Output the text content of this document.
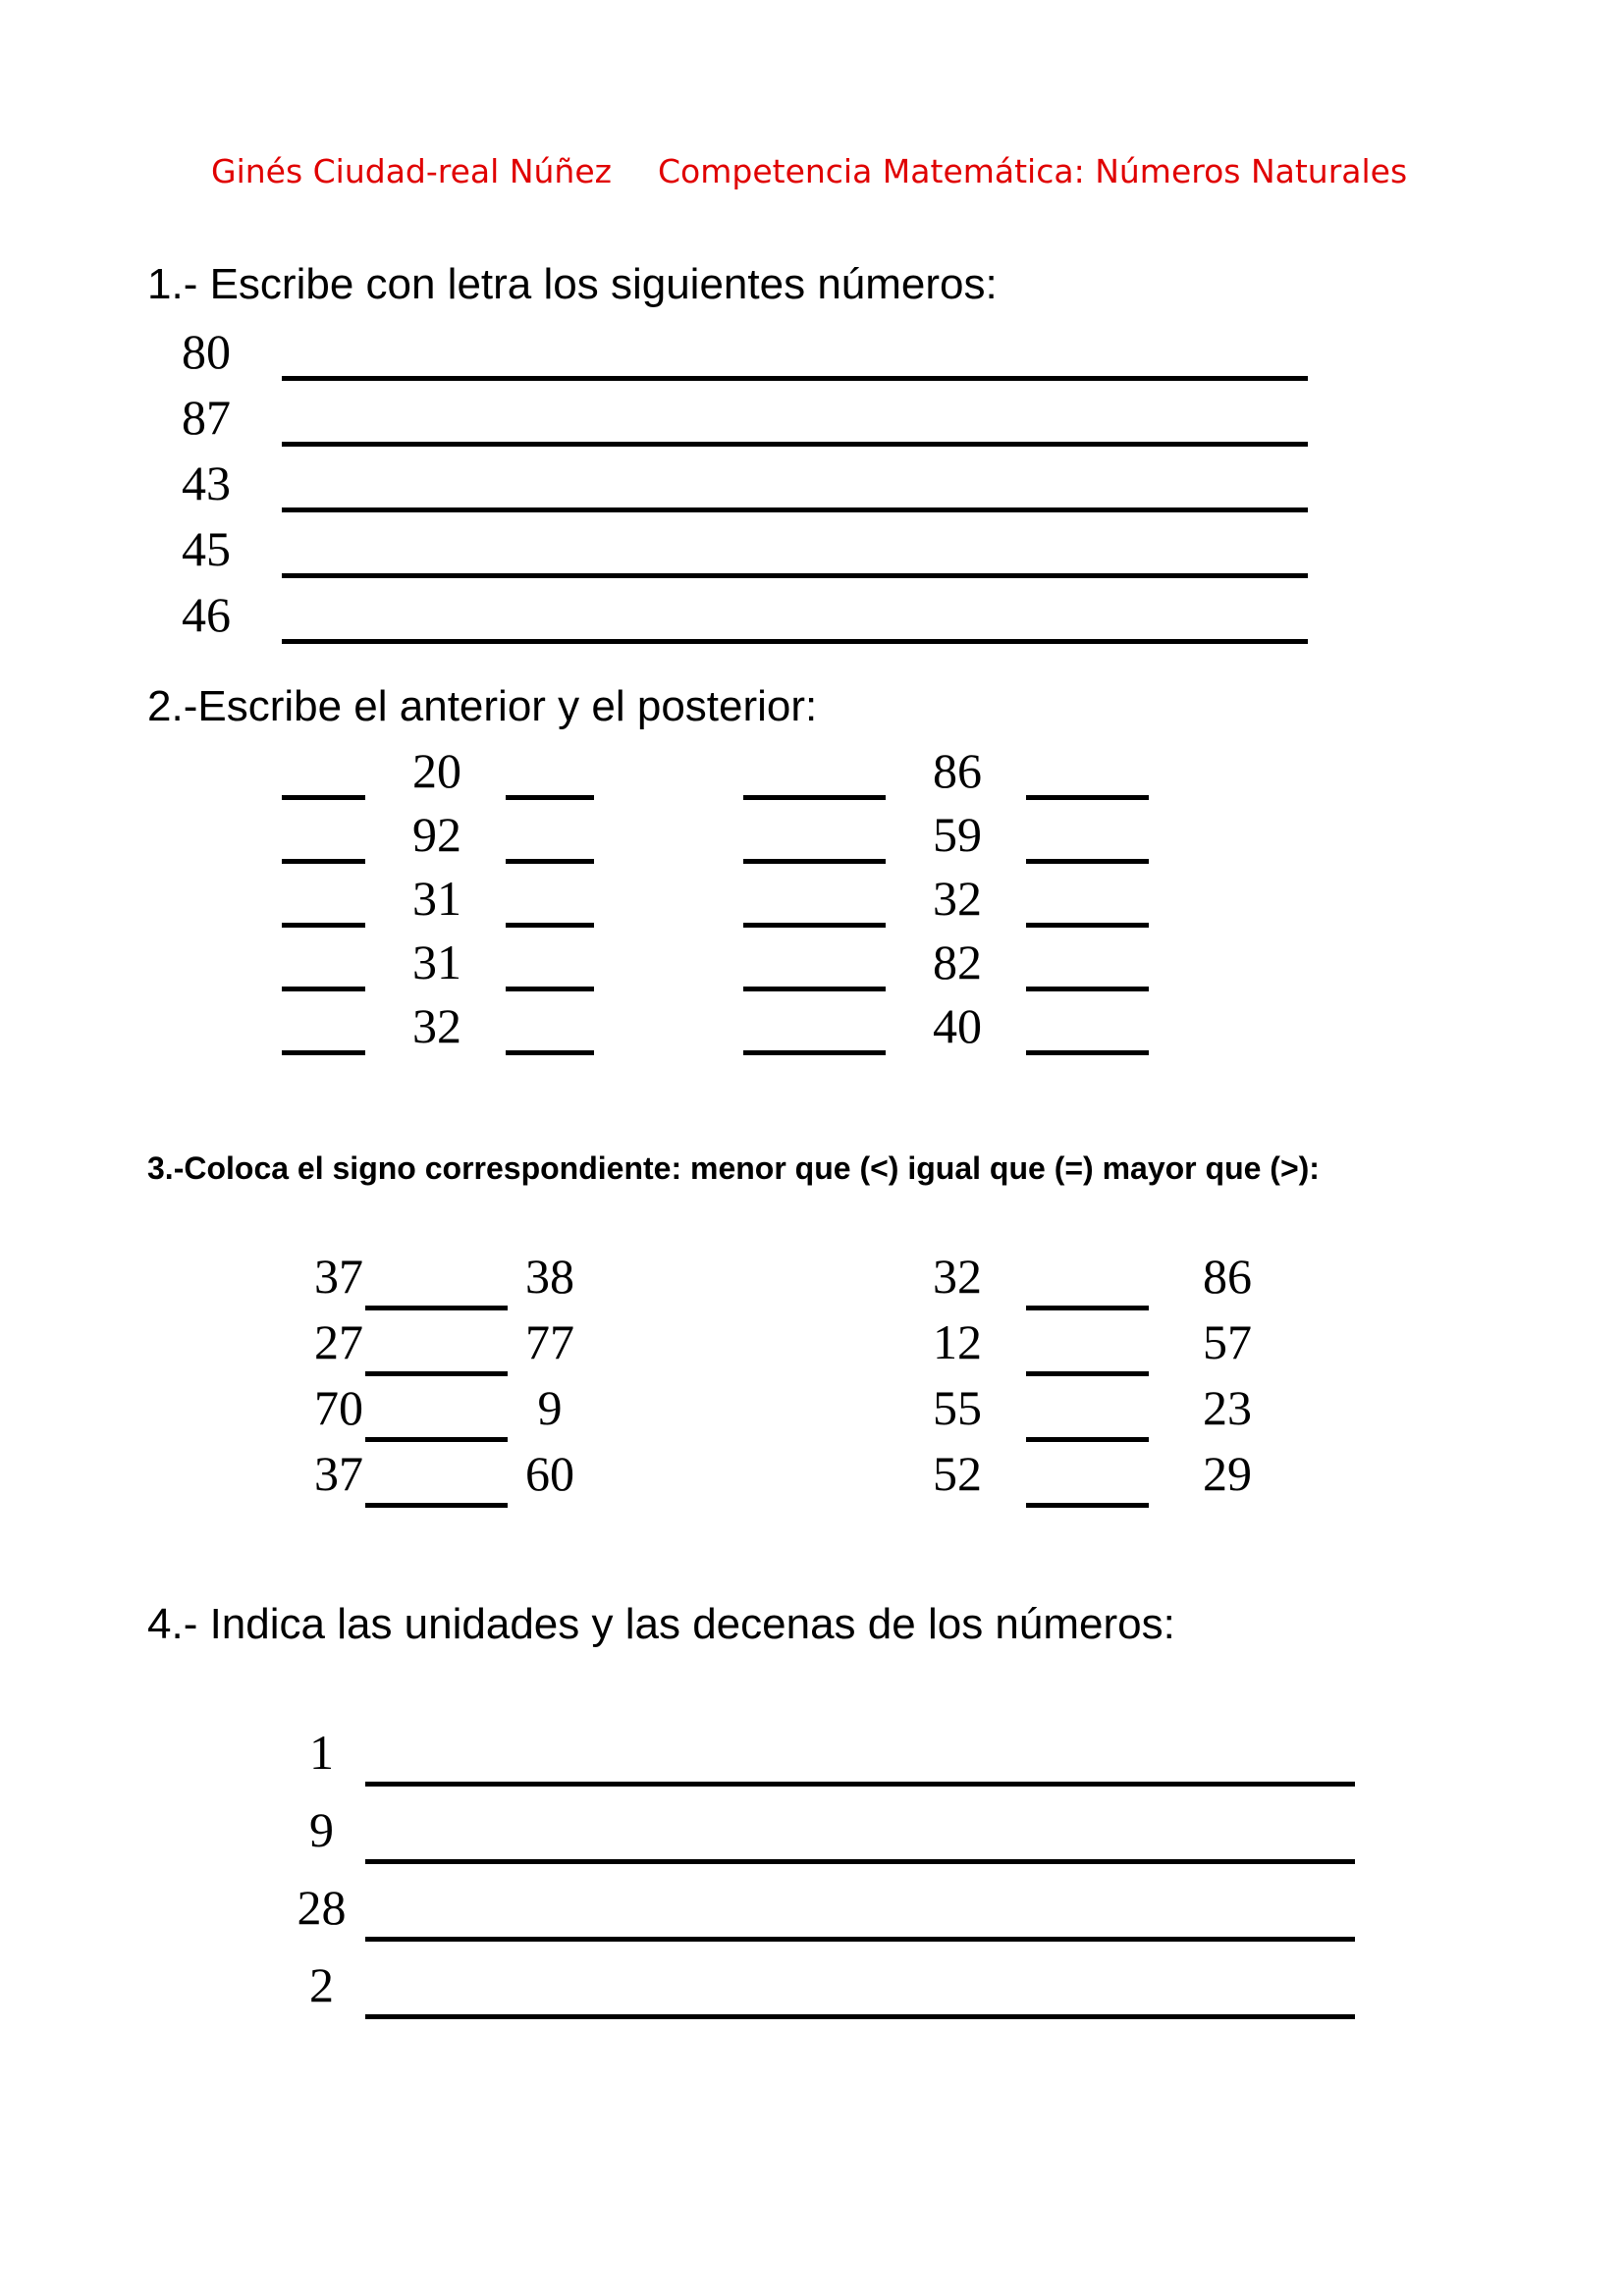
Ginés Ciudad-real Núñez Competencia Matemática: Números Naturales
1.- Escribe con letra los siguientes números:
80
87
43
45
46
2.-Escribe el anterior y el posterior:
20	86
92	59
31	32
31	82
32	40
3.-Coloca el signo correspondiente: menor que (<) igual que (=) mayor que (>):
37	38	32	86
27	77	12	57
70	9	55	23
37	60	52	29
4.- Indica las unidades y las decenas de los números:
1
9
28
2
